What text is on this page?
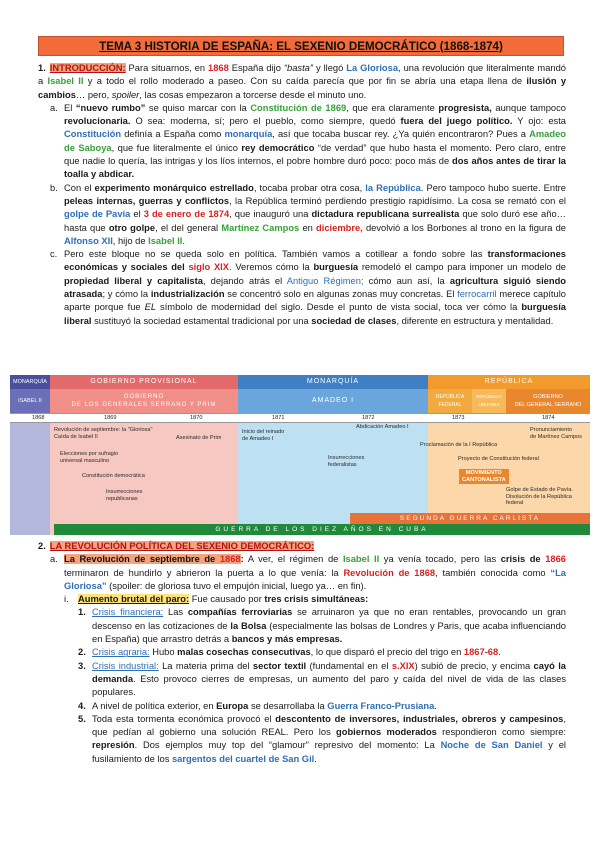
TEMA 3 HISTORIA DE ESPAÑA: EL SEXENIO DEMOCRÁTICO (1868-1874)

1. INTRODUCCIÓN: Para situarnos, en 1868 España dijo “basta” y llegó La Gloriosa, una revolución que literalmente mandó a Isabel II y a todo el rollo moderado a paseo. Con su caída parecía que por fin se abría una etapa llena de ilusión y cambios… pero, spoiler, las cosas empezaron a torcerse desde el minuto uno.

a. El “nuevo rumbo” se quiso marcar con la Constitución de 1869, que era claramente progresista, aunque tampoco revolucionaria. O sea: moderna, sí; pero el pueblo, como siempre, quedó fuera del juego político. Y ojo: esta Constitución definía a España como monarquía, así que tocaba buscar rey. ¿Ya quién encontraron? Pues a Amadeo de Saboya, que fue literalmente el único rey democrático “de verdad” que hubo hasta el momento. Pero claro, entre que nadie lo quería, las intrigas y los líos internos, el pobre hombre duró poco: poco más de dos años antes de tirar la toalla y abdicar.

b. Con el experimento monárquico estrellado, tocaba probar otra cosa, la República. Pero tampoco hubo suerte. Entre peleas internas, guerras y conflictos, la República terminó perdiendo prestigio rapidísimo. La cosa se remató con el golpe de Pavía el 3 de enero de 1874, que inauguró una dictadura republicana surrealista que solo duró ese año… hasta que otro golpe, el del general Martínez Campos en diciembre, devolvió a los Borbones al trono en la figura de Alfonso XII, hijo de Isabel II.

c. Pero este bloque no se queda solo en política. También vamos a cotillear a fondo sobre las transformaciones económicas y sociales del siglo XIX. Veremos cómo la burguesía remodeló el campo para imponer un modelo de propiedad liberal y capitalista, dejando atrás el Antiguo Régimen; cómo aun así, la agricultura siguió siendo atrasada; y cómo la industrialización se concentró solo en algunas zonas muy concretas. El ferrocarril merece capítulo aparte porque fue EL símbolo de modernidad del siglo. Desde el punto de vista social, toca ver cómo la burguesía liberal sustituyó la sociedad estamental tradicional por una sociedad de clases, diferente en estructura y mentalidad.

MONARQUÍA	GOBIERNO PROVISIONAL	MONARQUÍA	REPÚBLICA
ISABEL II
GOBIERNO
DE LOS GENERALES SERRANO Y PRIM
AMADEO I	REPÚBLICA
FEDERAL
REPÚBLICA
UNITARIA
GOBIERNO
DEL GENERAL SERRANO
1868	1869	1870	1871	1872	1873	1874
Revolución de septiembre: la "Gloriosa"
Caída de Isabel II	Asesinato de Prim
Elecciones por sufragio
universal masculino
Constitución democrática
Insurrecciones
republicanas
Inicio del reinado
de Amadeo I
Abdicación Amadeo I
Insurrecciones
federalistas
Proclamación de la I República
Proyecto de Constitución federal
MOVIMIENTO
CANTONALISTA
Golpe de Estado de Pavía.
Disolución de la República
federal
Pronunciamiento
de Martínez Campos
SEGUNDA GUERRA CARLISTA
GUERRA DE LOS DIEZ AÑOS EN CUBA

2. LA REVOLUCIÓN POLÍTICA DEL SEXENIO DEMOCRÁTICO:

a. La Revolución de septiembre de 1868: A ver, el régimen de Isabel II ya venía tocado, pero las crisis de 1866 terminaron de hundirlo y abrieron la puerta a lo que venía: la Revolución de 1868, también conocida como “La Gloriosa” (spoiler: de gloriosa tuvo el empujón inicial, luego ya… en fin).

i. Aumento brutal del paro: Fue causado por tres crisis simultáneas:

1. Crisis financiera: Las compañías ferroviarias se arruinaron ya que no eran rentables, provocando un gran descenso en las cotizaciones de la Bolsa (especialmente las bolsas de Londres y Paris, que acaba influenciando en España) que arrastro detrás a bancos y más empresas.

2. Crisis agraria: Hubo malas cosechas consecutivas, lo que disparó el precio del trigo en 1867-68.

3. Crisis industrial: La materia prima del sector textil (fundamental en el s.XIX) subió de precio, y encima cayó la demanda. Esto provoco cierres de empresas, un aumento del paro y caída del nivel de vida de las clases populares.

4. A nivel de política exterior, en Europa se desarrollaba la Guerra Franco-Prusiana.

5. Toda esta tormenta económica provocó el descontento de inversores, industriales, obreros y campesinos, que pedían al gobierno una solución REAL. Pero los gobiernos moderados respondieron como siempre: represión. Dos ejemplos muy top del “glamour” represivo del momento: La Noche de San Daniel y el fusilamiento de los sargentos del cuartel de San Gil.
